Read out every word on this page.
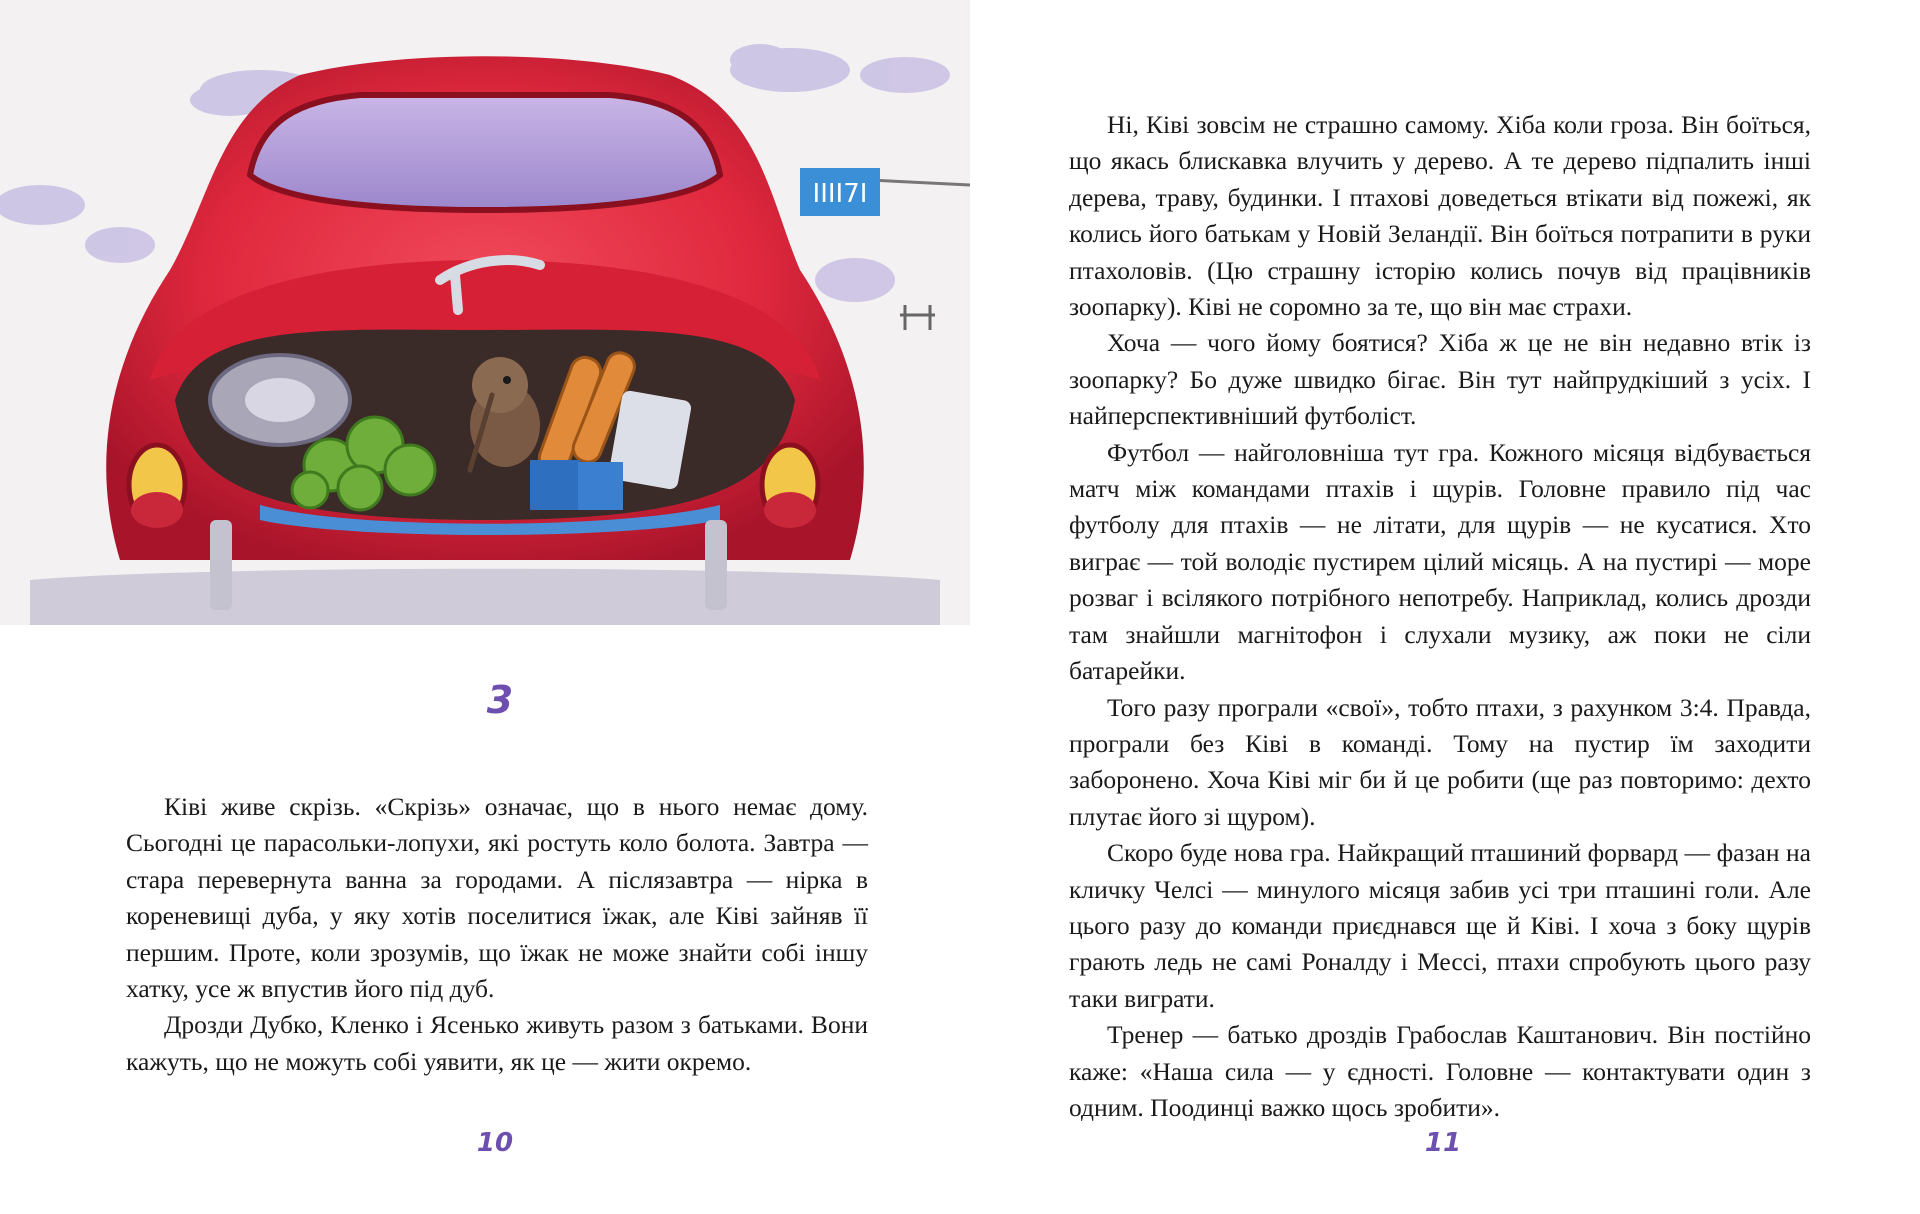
IIII7I
3

Ківі живе скрізь. «Скрізь» означає, що в нього немає дому. Сьогодні це парасольки-лопухи, які ростуть коло болота. Завтра — стара перевернута ванна за городами. А післязавтра — нірка в кореневищі дуба, у яку хотів поселитися їжак, але Ківі зайняв її першим. Проте, коли зрозумів, що їжак не може знайти собі іншу хатку, усе ж впустив його під дуб.

Дрозди Дубко, Кленко і Ясенько живуть разом з батьками. Вони кажуть, що не можуть собі уявити, як це — жити окремо.

Ні, Ківі зовсім не страшно самому. Хіба коли гроза. Він боїться, що якась блискавка влучить у дерево. А те дерево підпалить інші дерева, траву, будинки. І птахові доведеться втікати від пожежі, як колись його батькам у Новій Зеландії. Він боїться потрапити в руки птахоловів. (Цю страшну історію колись почув від працівників зоопарку). Ківі не соромно за те, що він має страхи.

Хоча — чого йому боятися? Хіба ж це не він недавно втік із зоопарку? Бо дуже швидко бігає. Він тут найпрудкіший з усіх. І найперспективніший футболіст.

Футбол — найголовніша тут гра. Кожного місяця відбувається матч між командами птахів і щурів. Головне правило під час футболу для птахів — не літати, для щурів — не кусатися. Хто виграє — той володіє пустирем цілий місяць. А на пустирі — море розваг і всілякого потрібного непотребу. Наприклад, колись дрозди там знайшли магнітофон і слухали музику, аж поки не сіли батарейки.

Того разу програли «свої», тобто птахи, з рахунком 3:4. Правда, програли без Ківі в команді. Тому на пустир їм заходити заборонено. Хоча Ківі міг би й це робити (ще раз повторимо: дехто плутає його зі щуром).

Скоро буде нова гра. Найкращий пташиний форвард — фазан на кличку Челсі — минулого місяця забив усі три пташині голи. Але цього разу до команди приєднався ще й Ківі. І хоча з боку щурів грають ледь не самі Роналду і Мессі, птахи спробують цього разу таки виграти.

Тренер — батько дроздів Грабослав Каштанович. Він постійно каже: «Наша сила — у єдності. Головне — контактувати один з одним. Поодинці важко щось зробити».

10	11
